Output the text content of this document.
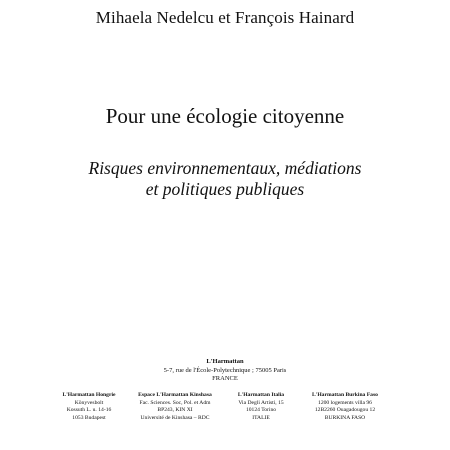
Mihaela Nedelcu et François Hainard
Pour une écologie citoyenne
Risques environnementaux, médiations
et politiques publiques
L'Harmattan
5-7, rue de l'École-Polytechnique ; 75005 Paris
FRANCE
L'Harmattan Hongrie
Könyvesbolt
Kossuth L. u. 14-16
1053 Budapest
Espace L'Harmattan Kinshasa
Fac. Sciences. Soc, Pol. et Adm
BP243, KIN XI
Université de Kinshasa – RDC
L'Harmattan Italia
Via Degli Artisti, 15
10124 Torino
ITALIE
L'Harmattan Burkina Faso
1200 logements villa 96
12B2260 Ouagadougou 12
BURKINA FASO
